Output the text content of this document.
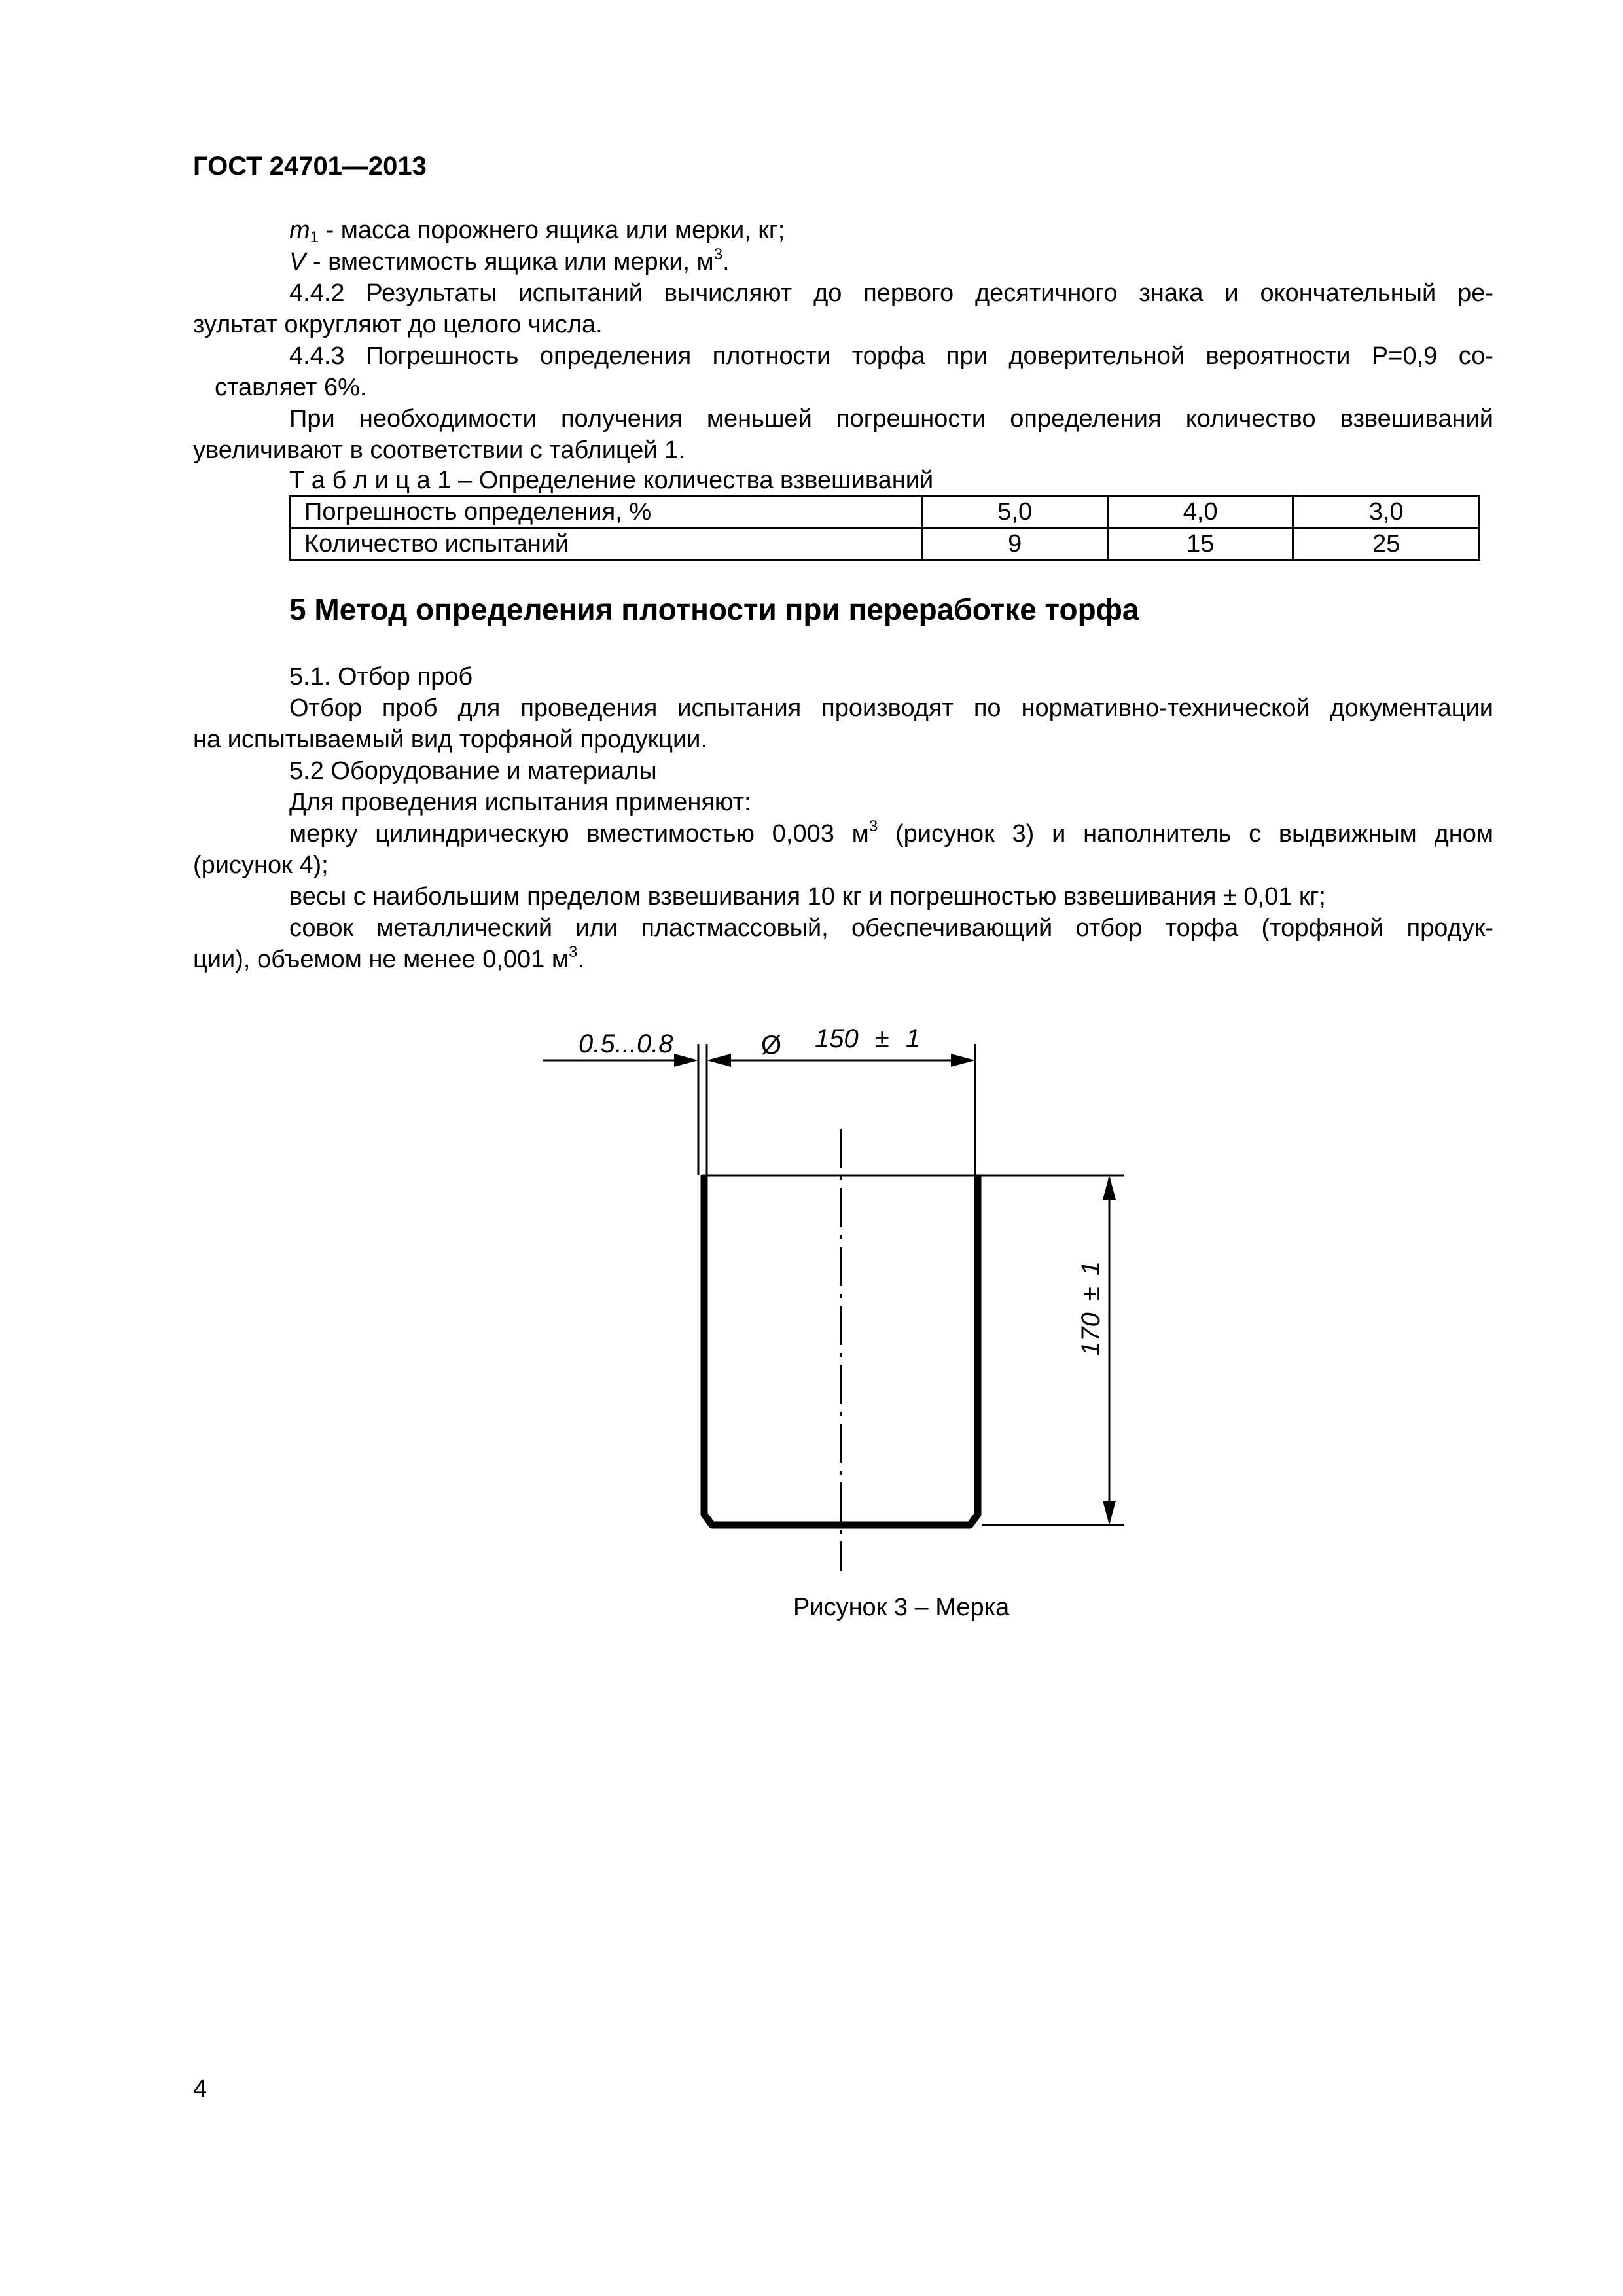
ГОСТ 24701—2013
$m_1$ - масса порожнего ящика или мерки, кг;
V - вместимость ящика или мерки, $м^3$.
4.4.2 Результаты испытаний вычисляют до первого десятичного знака и окончательный ре-
зультат округляют до целого числа.
4.4.3 Погрешность определения плотности торфа при доверительной вероятности P=0,9 со-
ставляет 6%.
При необходимости получения меньшей погрешности определения количество взвешиваний
увеличивают в соответствии с таблицей 1.
Т а б л и ц а 1 – Определение количества взвешиваний
Погрешность определения, %	5,0	4,0	3,0
Количество испытаний	9	15	25
5 Метод определения плотности при переработке торфа
5.1. Отбор проб
Отбор проб для проведения испытания производят по нормативно-технической документации
на испытываемый вид торфяной продукции.
5.2 Оборудование и материалы
Для проведения испытания применяют:
мерку цилиндрическую вместимостью 0,003 $м^3$ (рисунок 3) и наполнитель с выдвижным дном
(рисунок 4);
весы с наибольшим пределом взвешивания 10 кг и погрешностью взвешивания ± 0,01 кг;
совок металлический или пластмассовый, обеспечивающий отбор торфа (торфяной продук-
ции), объемом не менее 0,001 $м^3$.
0.5...0.8	Ø 150 ± 1
170 ± 1
Рисунок 3 – Мерка
4
